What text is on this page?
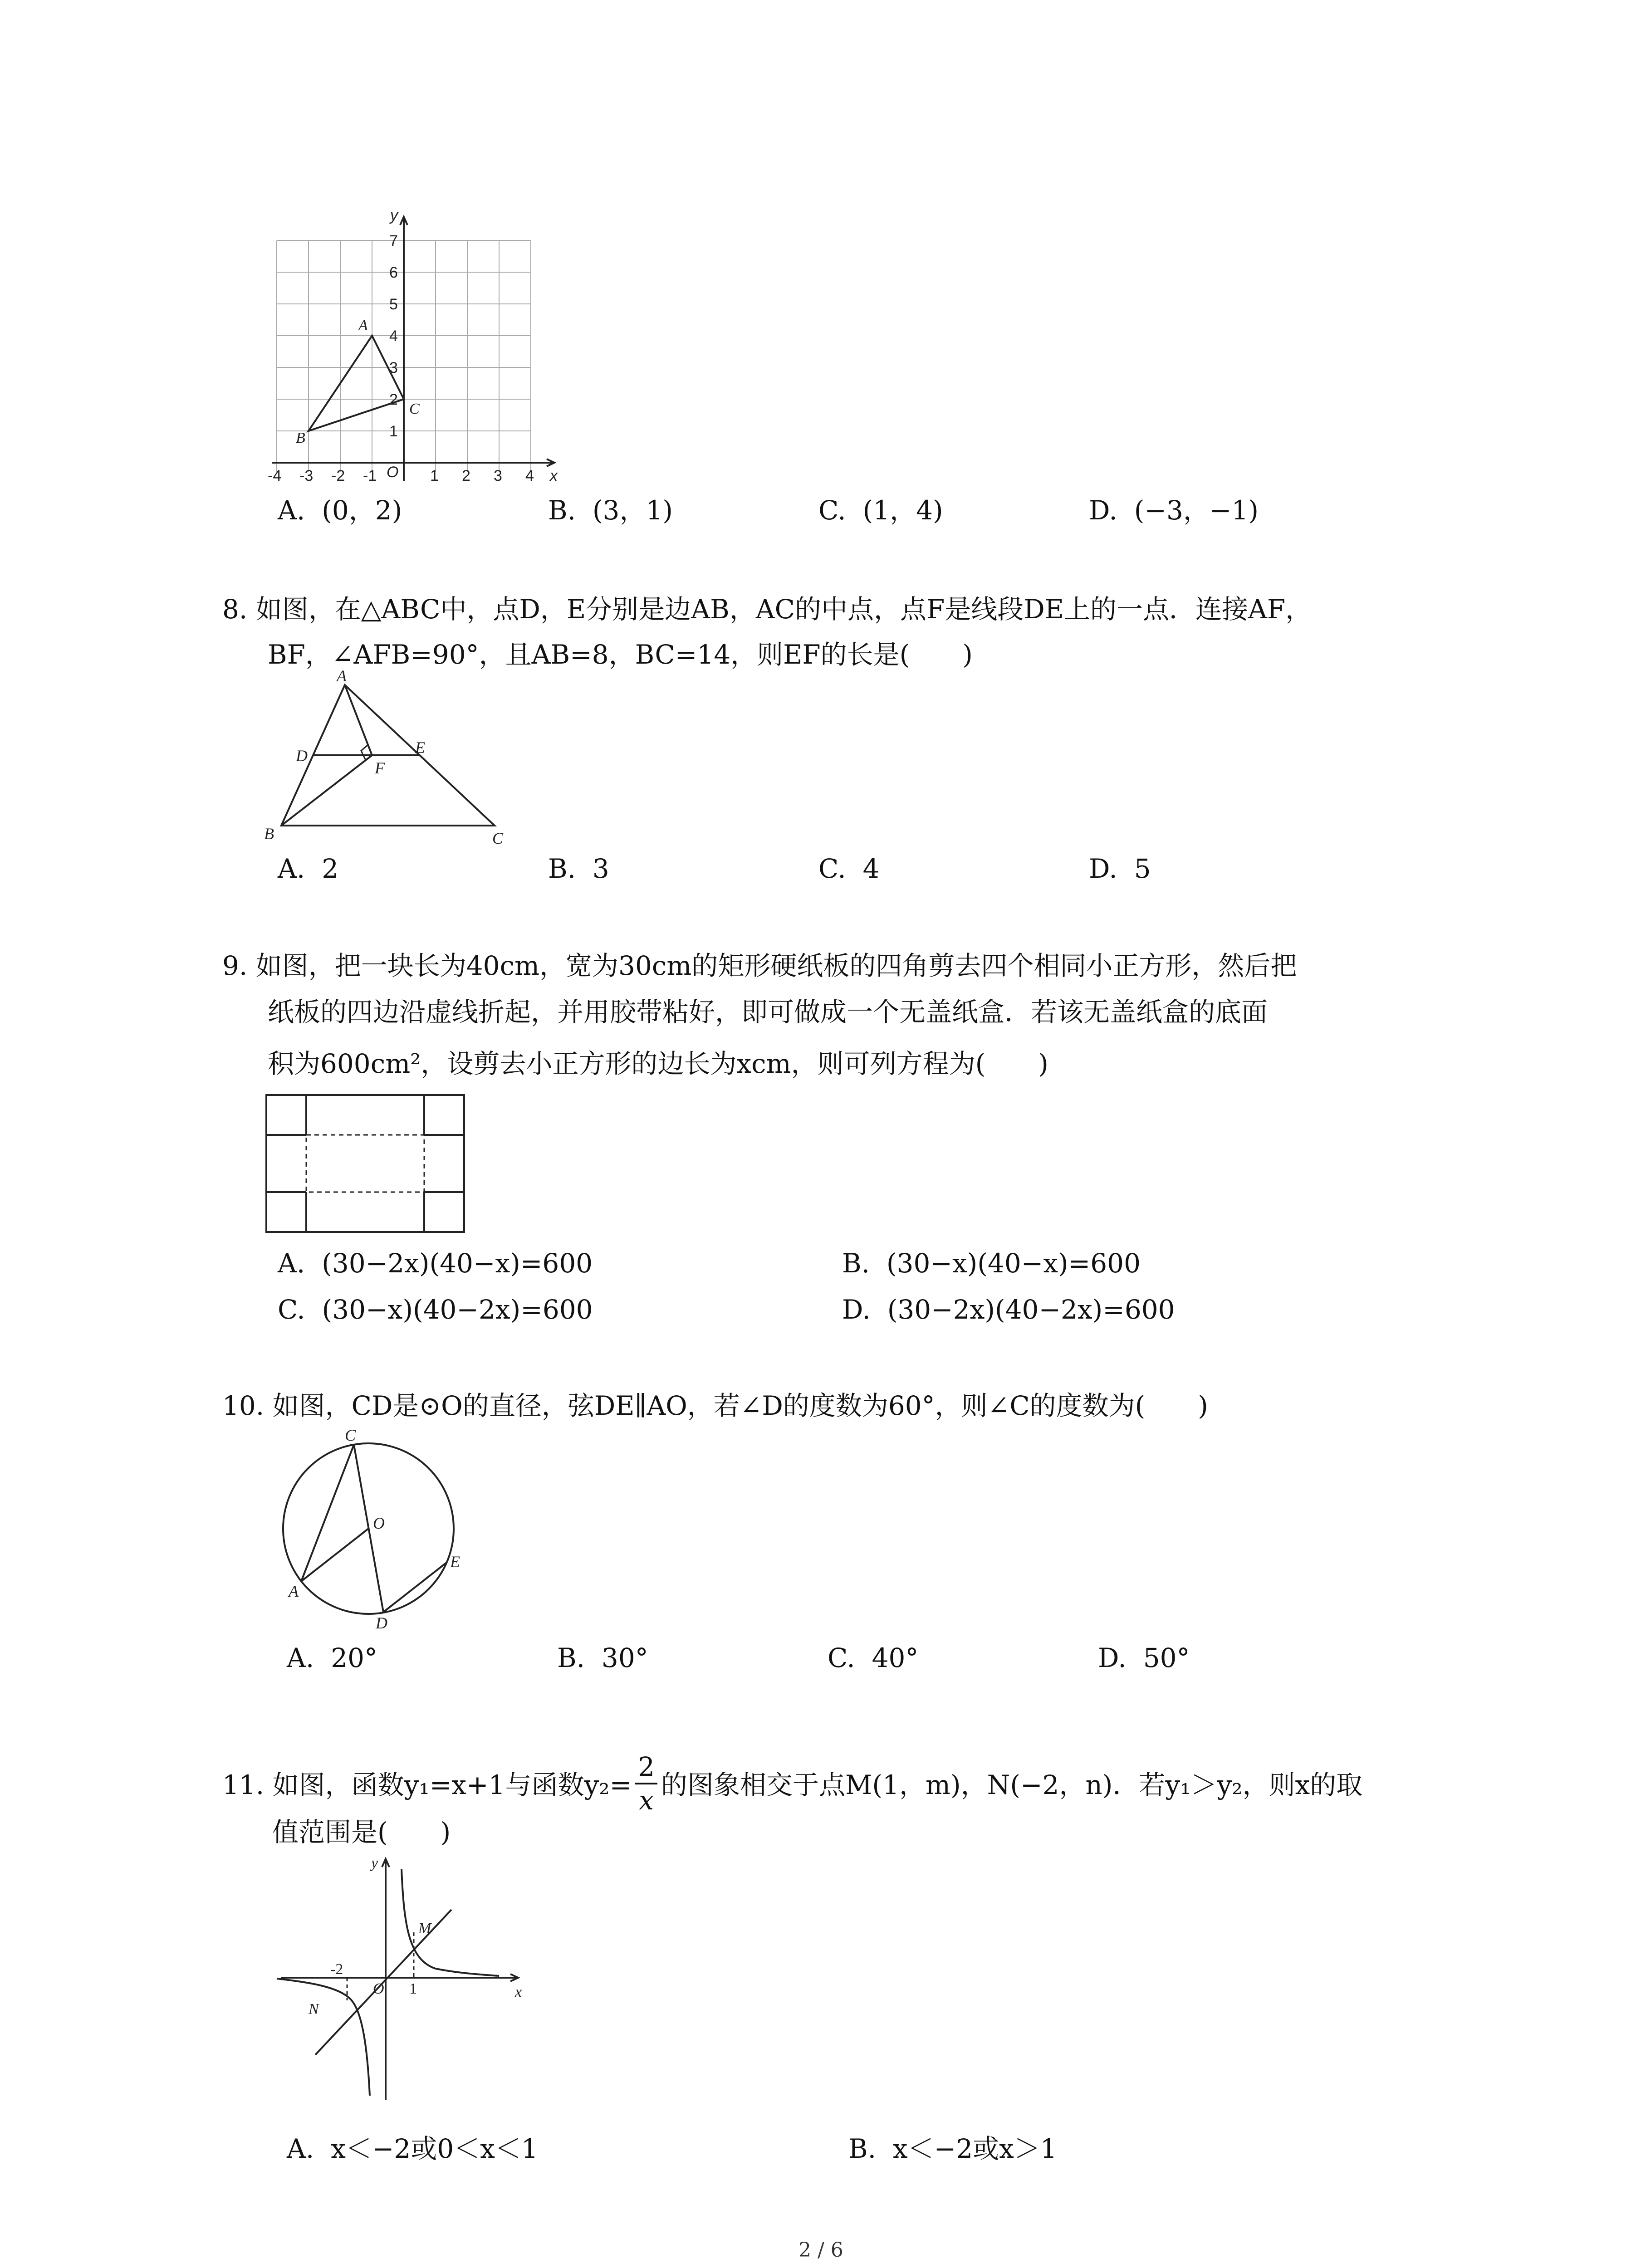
y
7
6
5
4
3
2
1
-4 -3 -2 -1 O 1 2 3 4 x
A
B
C
A.  (0，2)	B.  (3，1)	C.  (1，4)	D.  (−3，−1)
8. 如图，在△ABC中，点D，E分别是边AB，AC的中点，点F是线段DE上的一点．连接AF，
BF，∠AFB=90°，且AB=8，BC=14，则EF的长是(　　)
A
B	C
D	E
F
A.  2	B.  3	C.  4	D.  5
9. 如图，把一块长为40cm，宽为30cm的矩形硬纸板的四角剪去四个相同小正方形，然后把
纸板的四边沿虚线折起，并用胶带粘好，即可做成一个无盖纸盒．若该无盖纸盒的底面
积为600cm²，设剪去小正方形的边长为xcm，则可列方程为(　　)
A.  (30−2x)(40−x)=600	B.  (30−x)(40−x)=600
C.  (30−x)(40−2x)=600	D.  (30−2x)(40−2x)=600
10. 如图，CD是⊙O的直径，弦DE∥AO，若∠D的度数为60°，则∠C的度数为(　　)
C
O
E
A
D
A.  20°	B.  30°	C.  40°	D.  50°
11. 如图，函数y₁=x+1与函数$y_2= \frac{2}{x}$ 的图象相交于点M(1，m)，N(−2，n)．若y₁＞y₂，则x的取
值范围是(　　)
y
M
-2
O 1	x
N
A.  x＜−2或0＜x＜1	B.  x＜−2或x＞1
2 / 6
